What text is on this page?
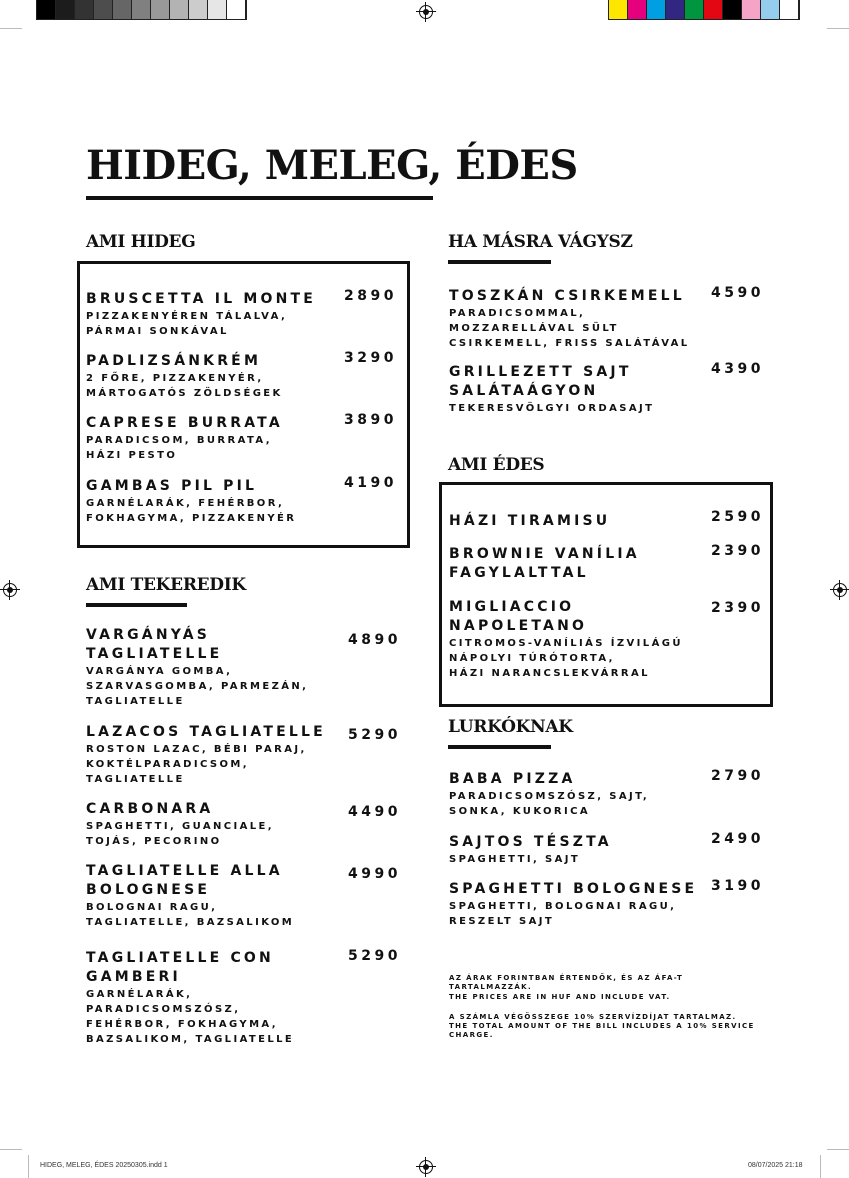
HIDEG, MELEG, ÉDES
AMI HIDEG
BRUSCETTA IL MONTE
PIZZAKENYÉREN TÁLALVA,
PÁRMAI SONKÁVAL
2890
PADLIZSÁNKRÉM
2 FŐRE, PIZZAKENYÉR,
MÁRTOGATÓS ZÖLDSÉGEK
3290
CAPRESE BURRATA
PARADICSOM, BURRATA,
HÁZI PESTO
3890
GAMBAS PIL PIL
GARNÉLARÁK, FEHÉRBOR,
FOKHAGYMA, PIZZAKENYÉR
4190
AMI TEKEREDIK
VARGÁNYÁS
TAGLIATELLE
VARGÁNYA GOMBA,
SZARVASGOMBA, PARMEZÁN,
TAGLIATELLE
4890
LAZACOS TAGLIATELLE
ROSTON LAZAC, BÉBI PARAJ,
KOKTÉLPARADICSOM,
TAGLIATELLE
5290
CARBONARA
SPAGHETTI, GUANCIALE,
TOJÁS, PECORINO
4490
TAGLIATELLE ALLA
BOLOGNESE
BOLOGNAI RAGU,
TAGLIATELLE, BAZSALIKOM
4990
TAGLIATELLE CON
GAMBERI
GARNÉLARÁK,
PARADICSOMSZÓSZ,
FEHÉRBOR, FOKHAGYMA,
BAZSALIKOM, TAGLIATELLE
5290
HA MÁSRA VÁGYSZ
TOSZKÁN CSIRKEMELL
PARADICSOMMAL,
MOZZARELLÁVAL SÜLT
CSIRKEMELL, FRISS SALÁTÁVAL
4590
GRILLEZETT SAJT
SALÁTAÁGYON
TEKERESVÖLGYI ORDASAJT
4390
AMI ÉDES
HÁZI TIRAMISU	2590
BROWNIE VANÍLIA
FAGYLALTTAL
2390
MIGLIACCIO
NAPOLETANO
CITROMOS-VANÍLIÁS ÍZVILÁGÚ
NÁPOLYI TÚRÓTORTA,
HÁZI NARANCSLEKVÁRRAL
2390
LURKÓKNAK
BABA PIZZA
PARADICSOMSZÓSZ, SAJT,
SONKA, KUKORICA
2790
SAJTOS TÉSZTA
SPAGHETTI, SAJT
2490
SPAGHETTI BOLOGNESE
SPAGHETTI, BOLOGNAI RAGU,
RESZELT SAJT
3190
AZ ÁRAK FORINTBAN ÉRTENDŐK, ÉS AZ ÁFA-T
TARTALMAZZÁK.
THE PRICES ARE IN HUF AND INCLUDE VAT.
A SZÁMLA VÉGÖSSZEGE 10% SZERVÍZDÍJAT TARTALMAZ.
THE TOTAL AMOUNT OF THE BILL INCLUDES A 10% SERVICE
CHARGE.
HIDEG, MELEG, ÉDES 20250305.indd 1	08/07/2025 21:18
